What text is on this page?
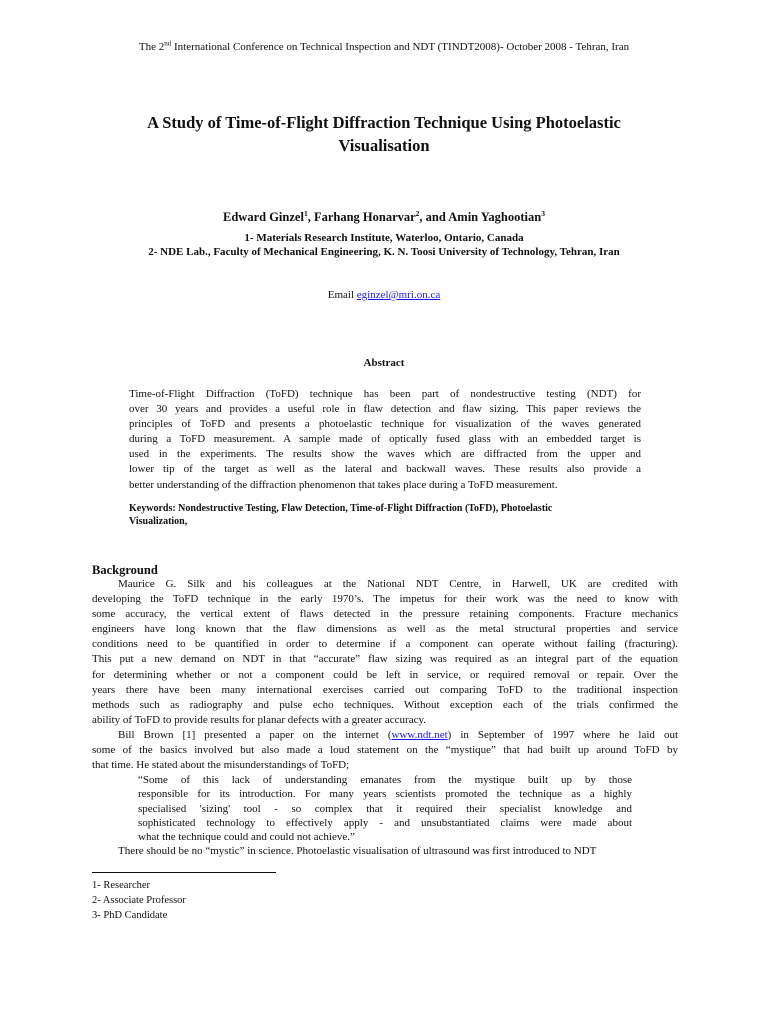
The 2nd International Conference on Technical Inspection and NDT (TINDT2008)- October 2008 - Tehran, Iran
A Study of Time-of-Flight Diffraction Technique Using Photoelastic
Visualisation
Edward Ginzel$^1$, Farhang Honarvar$^2$, and Amin Yaghootian$^3$
1- Materials Research Institute, Waterloo, Ontario, Canada
2- NDE Lab., Faculty of Mechanical Engineering, K. N. Toosi University of Technology, Tehran, Iran
Email eginzel@mri.on.ca
Abstract
Time-of-Flight Diffraction (ToFD) technique has been part of nondestructive testing (NDT) for
over 30 years and provides a useful role in flaw detection and flaw sizing. This paper reviews the
principles of ToFD and presents a photoelastic technique for visualization of the waves generated
during a ToFD measurement. A sample made of optically fused glass with an embedded target is
used in the experiments. The results show the waves which are diffracted from the upper and
lower tip of the target as well as the lateral and backwall waves. These results also provide a
better understanding of the diffraction phenomenon that takes place during a ToFD measurement.
Keywords: Nondestructive Testing, Flaw Detection, Time-of-Flight Diffraction (ToFD), Photoelastic
Visualization,
Background
Maurice G. Silk and his colleagues at the National NDT Centre, in Harwell, UK are credited with
developing the ToFD technique in the early 1970’s. The impetus for their work was the need to know with
some accuracy, the vertical extent of flaws detected in the pressure retaining components. Fracture mechanics
engineers have long known that the flaw dimensions as well as the metal structural properties and service
conditions need to be quantified in order to determine if a component can operate without failing (fracturing).
This put a new demand on NDT in that “accurate” flaw sizing was required as an integral part of the equation
for determining whether or not a component could be left in service, or required removal or repair. Over the
years there have been many international exercises carried out comparing ToFD to the traditional inspection
methods such as radiography and pulse echo techniques. Without exception each of the trials confirmed the
ability of ToFD to provide results for planar defects with a greater accuracy.
Bill Brown [1] presented a paper on the internet (www.ndt.net) in September of 1997 where he laid out
some of the basics involved but also made a loud statement on the “mystique” that had built up around ToFD by
that time. He stated about the misunderstandings of ToFD;
“Some of this lack of understanding emanates from the mystique built up by those
responsible for its introduction. For many years scientists promoted the technique as a highly
specialised 'sizing' tool - so complex that it required their specialist knowledge and
sophisticated technology to effectively apply - and unsubstantiated claims were made about
what the technique could and could not achieve.”
There should be no “mystic” in science. Photoelastic visualisation of ultrasound was first introduced to NDT
1- Researcher
2- Associate Professor
3- PhD Candidate
